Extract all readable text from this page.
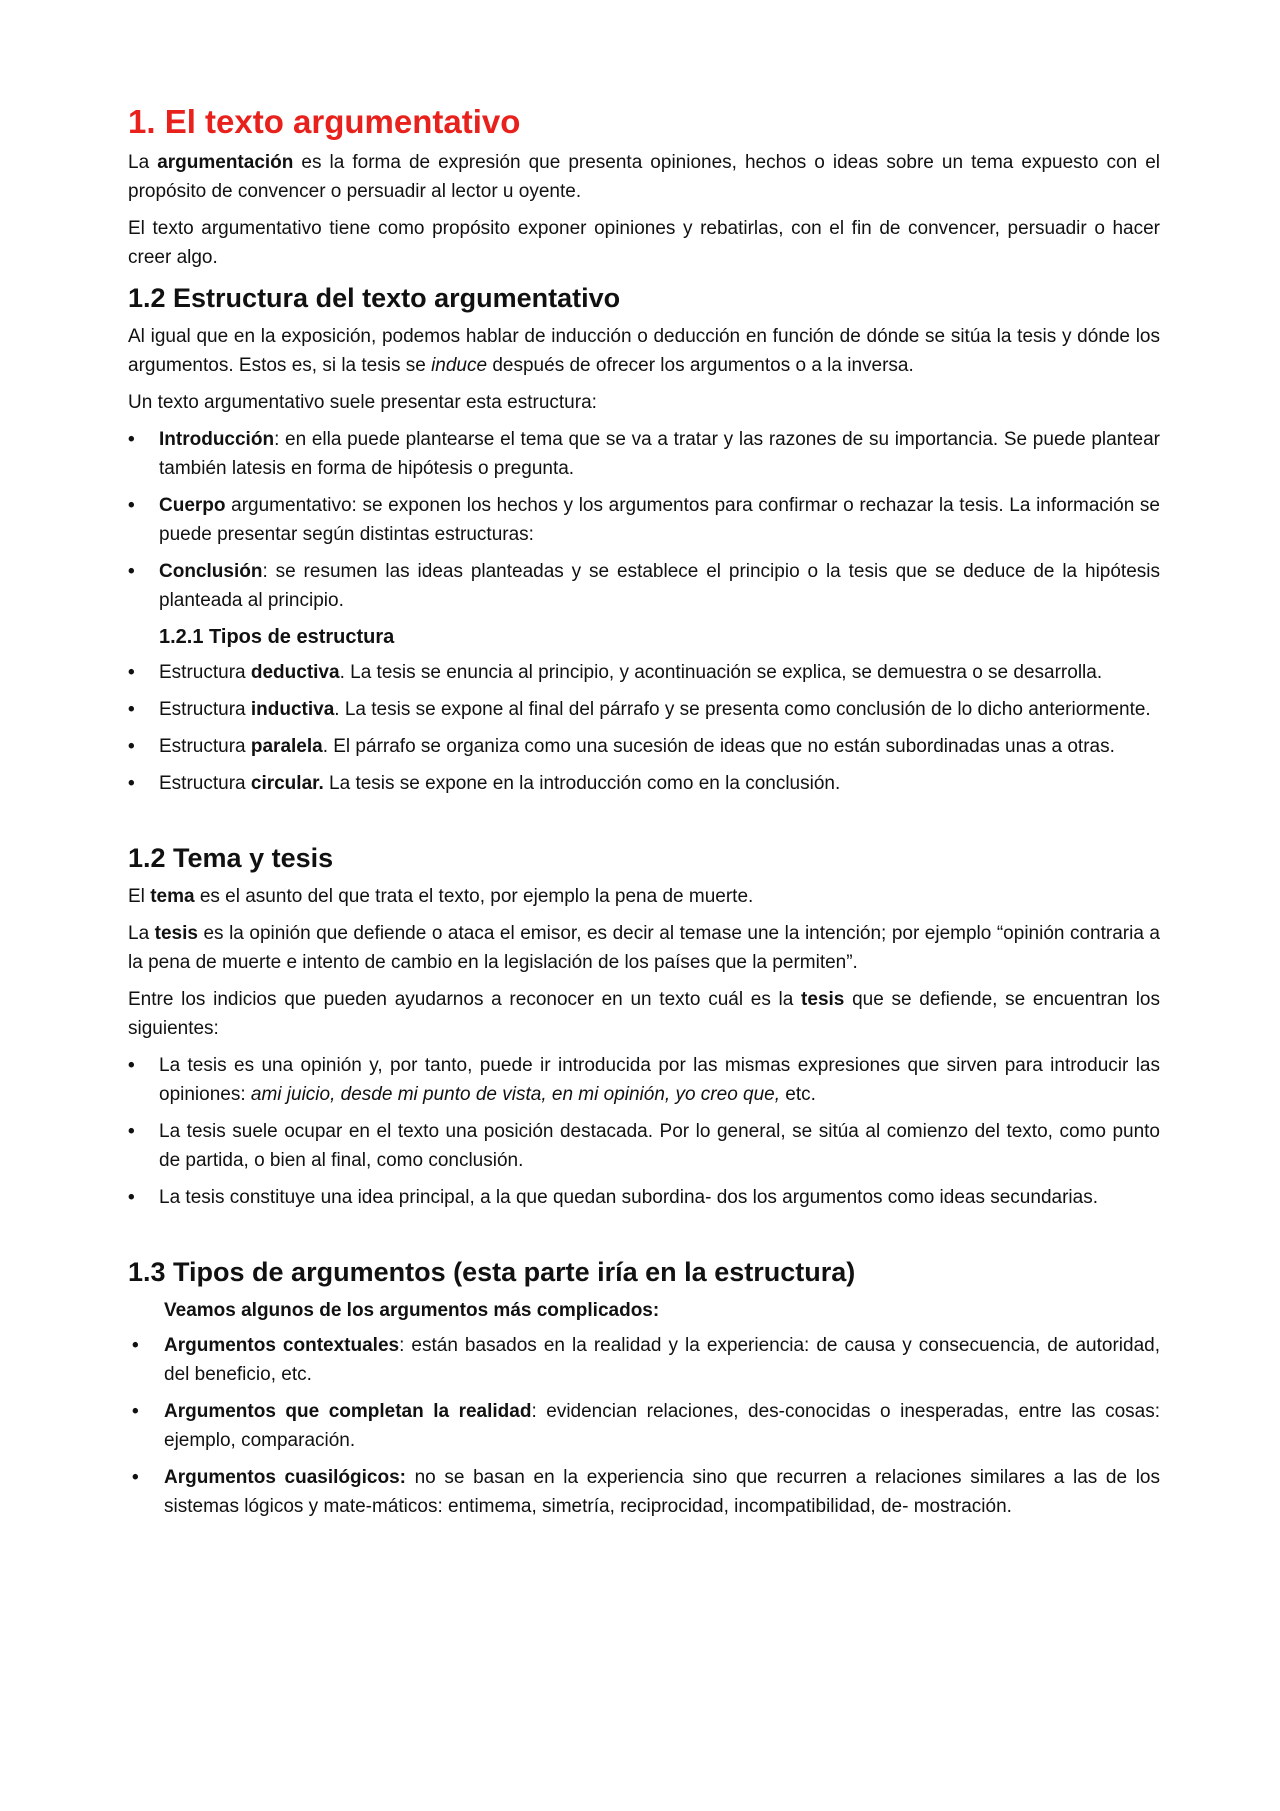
1. El texto argumentativo

La argumentación es la forma de expresión que presenta opiniones, hechos o ideas sobre un tema expuesto con el propósito de convencer o persuadir al lector u oyente.

El texto argumentativo tiene como propósito exponer opiniones y rebatirlas, con el fin de convencer, persuadir o hacer creer algo.

1.2 Estructura del texto argumentativo

Al igual que en la exposición, podemos hablar de inducción o deducción en función de dónde se sitúa la tesis y dónde los argumentos. Estos es, si la tesis se induce después de ofrecer los argumentos o a la inversa.

Un texto argumentativo suele presentar esta estructura:

• Introducción: en ella puede plantearse el tema que se va a tratar y las razones de su importancia. Se puede plantear también latesis en forma de hipótesis o pregunta.
• Cuerpo argumentativo: se exponen los hechos y los argumentos para confirmar o rechazar la tesis. La información se puede presentar según distintas estructuras:
• Conclusión: se resumen las ideas planteadas y se establece el principio o la tesis que se deduce de la hipótesis planteada al principio.
1.2.1 Tipos de estructura
• Estructura deductiva. La tesis se enuncia al principio, y acontinuación se explica, se demuestra o se desarrolla.
• Estructura inductiva. La tesis se expone al final del párrafo y se presenta como conclusión de lo dicho anteriormente.
• Estructura paralela. El párrafo se organiza como una sucesión de ideas que no están subordinadas unas a otras.
• Estructura circular. La tesis se expone en la introducción como en la conclusión.
1.2 Tema y tesis

El tema es el asunto del que trata el texto, por ejemplo la pena de muerte.

La tesis es la opinión que defiende o ataca el emisor, es decir al temase une la intención; por ejemplo “opinión contraria a la pena de muerte e intento de cambio en la legislación de los países que la permiten”.

Entre los indicios que pueden ayudarnos a reconocer en un texto cuál es la tesis que se defiende, se encuentran los siguientes:

• La tesis es una opinión y, por tanto, puede ir introducida por las mismas expresiones que sirven para introducir las opiniones: ami juicio, desde mi punto de vista, en mi opinión, yo creo que, etc.
• La tesis suele ocupar en el texto una posición destacada. Por lo general, se sitúa al comienzo del texto, como punto de partida, o bien al final, como conclusión.
• La tesis constituye una idea principal, a la que quedan subordina- dos los argumentos como ideas secundarias.
1.3 Tipos de argumentos (esta parte iría en la estructura)
Veamos algunos de los argumentos más complicados:
• Argumentos contextuales: están basados en la realidad y la experiencia: de causa y consecuencia, de autoridad, del beneficio, etc.
• Argumentos que completan la realidad: evidencian relaciones, des-conocidas o inesperadas, entre las cosas: ejemplo, comparación.
• Argumentos cuasilógicos: no se basan en la experiencia sino que recurren a relaciones similares a las de los sistemas lógicos y mate-máticos: entimema, simetría, reciprocidad, incompatibilidad, de- mostración.
